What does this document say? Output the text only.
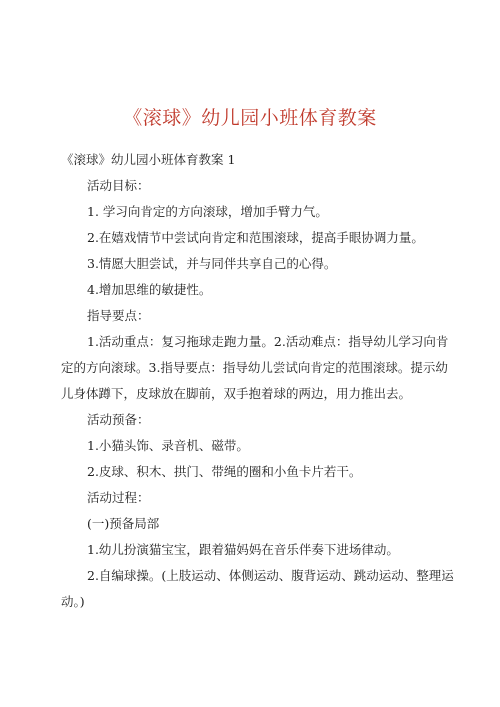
《滚球》幼儿园小班体育教案

《滚球》幼儿园小班体育教案 1

活动目标：

1. 学习向肯定的方向滚球，增加手臂力气。

2.在嬉戏情节中尝试向肯定和范围滚球，提高手眼协调力量。

3.情愿大胆尝试，并与同伴共享自己的心得。

4.增加思维的敏捷性。

指导要点：

1.活动重点：复习拖球走跑力量。2.活动难点：指导幼儿学习向肯定的方向滚球。3.指导要点：指导幼儿尝试向肯定的范围滚球。提示幼儿身体蹲下，皮球放在脚前，双手抱着球的两边，用力推出去。

活动预备：

1.小猫头饰、录音机、磁带。

2.皮球、积木、拱门、带绳的圈和小鱼卡片若干。

活动过程：

(一)预备局部

1.幼儿扮演猫宝宝，跟着猫妈妈在音乐伴奏下进场律动。

2.自编球操。(上肢运动、体侧运动、腹背运动、跳动运动、整理运动。)
